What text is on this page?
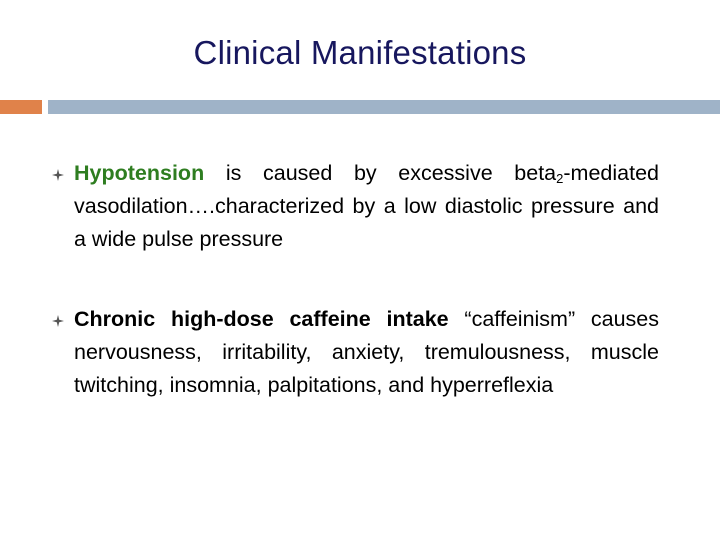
Clinical Manifestations
Hypotension is caused by excessive beta$_2$-mediated vasodilation….characterized by a low diastolic pressure and a wide pulse pressure
Chronic high-dose caffeine intake “caffeinism” causes nervousness, irritability, anxiety, tremulousness, muscle twitching, insomnia, palpitations, and hyperreflexia
